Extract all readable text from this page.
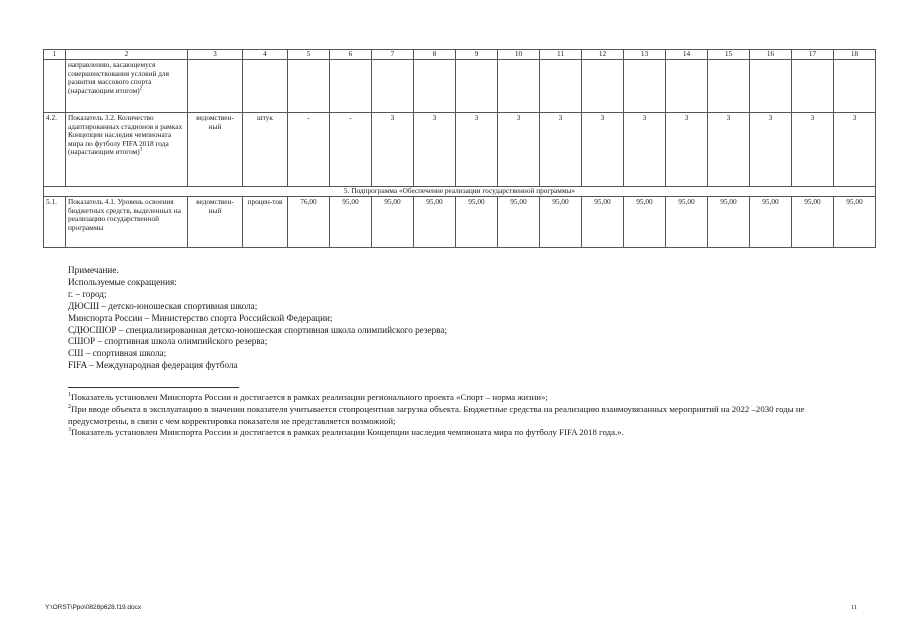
1	2	3	4	5	6	7	8	9	10	11	12	13	14	15	16	17	18
	направлению, касающемуся совершенствования условий для развития массового спорта (нарастающим итогом)$^2$																
4.2.	Показатель 3.2. Количество адаптированных стадионов в рамках Концепции наследия чемпионата мира по футболу FIFA 2018 года (нарастающим итогом)$^3$	ведомствен-ный	штук	-	-	3	3	3	3	3	3	3	3	3	3	3	3
5. Подпрограмма «Обеспечение реализации государственной программы»																	
5.1.	Показатель 4.1. Уровень освоения бюджетных средств, выделенных на реализацию государственной программы	ведомствен-ный	процен-тов	76,00	95,00	95,00	95,00	95,00	95,00	95,00	95,00	95,00	95,00	95,00	95,00	95,00	95,00
Примечание.
Используемые сокращения:
г. – город;
ДЮСШ – детско-юношеская спортивная школа;
Минспорта России – Министерство спорта Российской Федерации;
СДЮСШОР – специализированная детско-юношеская спортивная школа олимпийского резерва;
СШОР – спортивная школа олимпийского резерва;
СШ – спортивная школа;
FIFA – Международная федерация футбола
$^1$Показатель установлен Минспорта России и достигается в рамках реализации регионального проекта «Спорт – норма жизни»;
$^2$При вводе объекта в эксплуатацию в значении показателя учитывается стопроцентная загрузка объекта. Бюджетные средства на реализацию взаимоувязанных мероприятий на 2022 –2030 годы не предусмотрены, в связи с чем корректировка показателя не представляется возможной;
$^3$Показатель установлен Минспорта России и достигается в рамках реализации Концепции наследия чемпионата мира по футболу FIFA 2018 года.».
Y:\ORST\Ppo\0828p628.f19.docx	11
